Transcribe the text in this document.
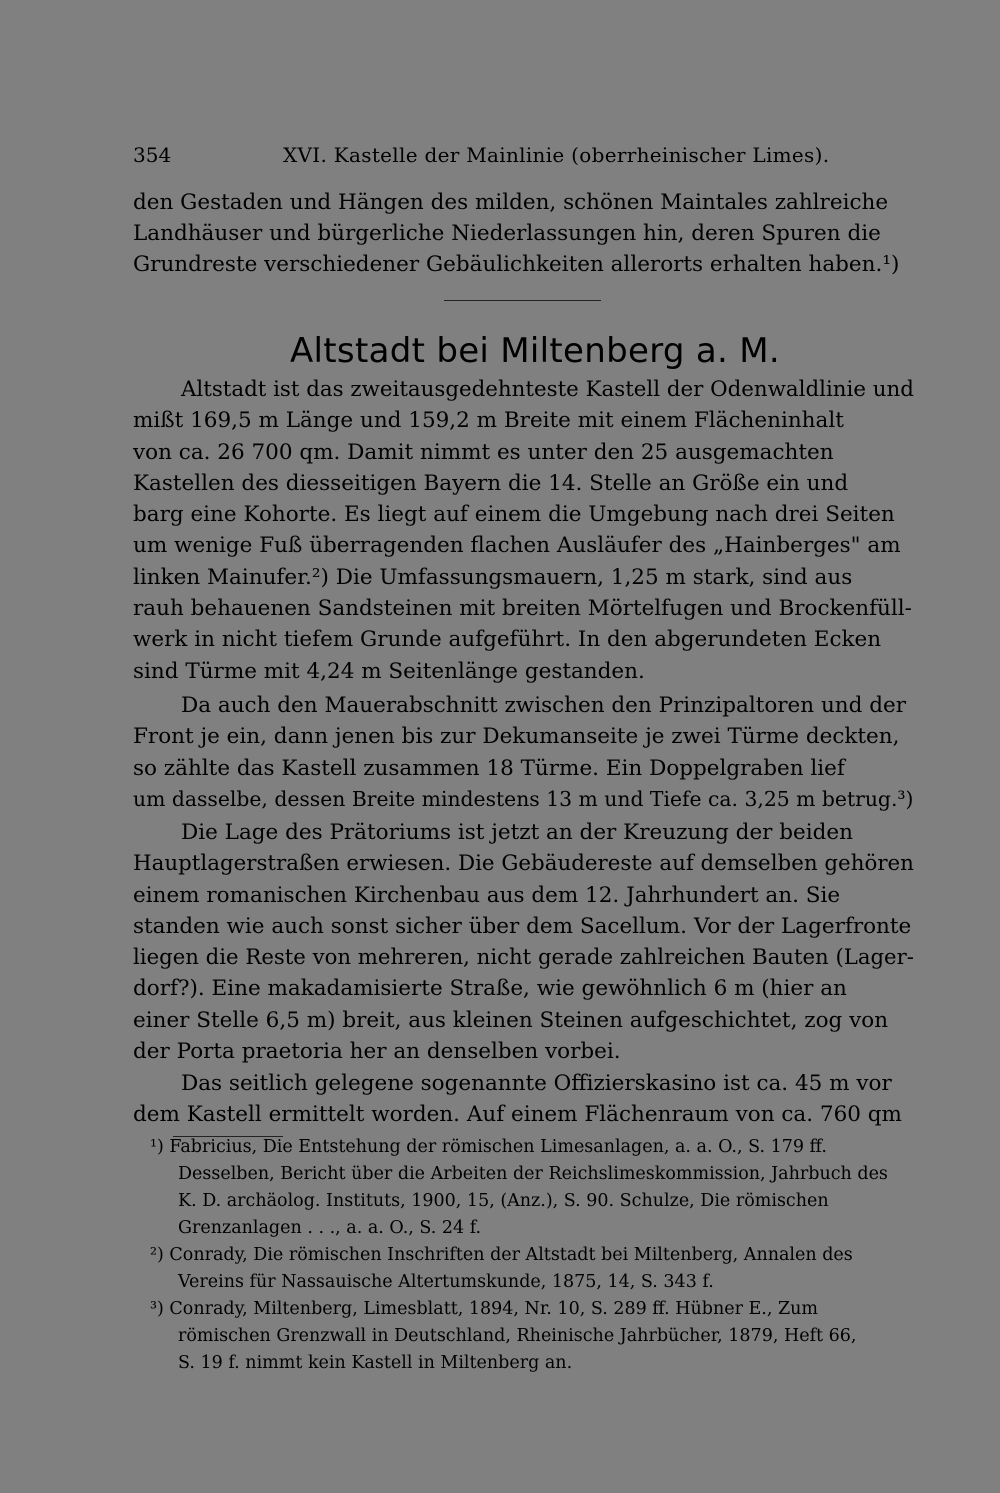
354	XVI. Kastelle der Mainlinie (oberrheinischer Limes).
den Gestaden und Hängen des milden, schönen Maintales zahlreiche
Landhäuser und bürgerliche Niederlassungen hin, deren Spuren die
Grundreste verschiedener Gebäulichkeiten allerorts erhalten haben.¹)
Altstadt bei Miltenberg a. M.
Altstadt ist das zweitausgedehnteste Kastell der Odenwaldlinie und
mißt 169,5 m Länge und 159,2 m Breite mit einem Flächeninhalt
von ca. 26 700 qm. Damit nimmt es unter den 25 ausgemachten
Kastellen des diesseitigen Bayern die 14. Stelle an Größe ein und
barg eine Kohorte. Es liegt auf einem die Umgebung nach drei Seiten
um wenige Fuß überragenden flachen Ausläufer des „Hainberges" am
linken Mainufer.²) Die Umfassungsmauern, 1,25 m stark, sind aus
rauh behauenen Sandsteinen mit breiten Mörtelfugen und Brockenfüll-
werk in nicht tiefem Grunde aufgeführt. In den abgerundeten Ecken
sind Türme mit 4,24 m Seitenlänge gestanden.
Da auch den Mauerabschnitt zwischen den Prinzipaltoren und der
Front je ein, dann jenen bis zur Dekumanseite je zwei Türme deckten,
so zählte das Kastell zusammen 18 Türme. Ein Doppelgraben lief
um dasselbe, dessen Breite mindestens 13 m und Tiefe ca. 3,25 m betrug.³)
Die Lage des Prätoriums ist jetzt an der Kreuzung der beiden
Hauptlagerstraßen erwiesen. Die Gebäudereste auf demselben gehören
einem romanischen Kirchenbau aus dem 12. Jahrhundert an. Sie
standen wie auch sonst sicher über dem Sacellum. Vor der Lagerfronte
liegen die Reste von mehreren, nicht gerade zahlreichen Bauten (Lager-
dorf?). Eine makadamisierte Straße, wie gewöhnlich 6 m (hier an
einer Stelle 6,5 m) breit, aus kleinen Steinen aufgeschichtet, zog von
der Porta praetoria her an denselben vorbei.
Das seitlich gelegene sogenannte Offizierskasino ist ca. 45 m vor
dem Kastell ermittelt worden. Auf einem Flächenraum von ca. 760 qm
¹) Fabricius, Die Entstehung der römischen Limesanlagen, a. a. O., S. 179 ff.
Desselben, Bericht über die Arbeiten der Reichslimeskommission, Jahrbuch des
K. D. archäolog. Instituts, 1900, 15, (Anz.), S. 90. Schulze, Die römischen
Grenzanlagen . . ., a. a. O., S. 24 f.
²) Conrady, Die römischen Inschriften der Altstadt bei Miltenberg, Annalen des
Vereins für Nassauische Altertumskunde, 1875, 14, S. 343 f.
³) Conrady, Miltenberg, Limesblatt, 1894, Nr. 10, S. 289 ff. Hübner E., Zum
römischen Grenzwall in Deutschland, Rheinische Jahrbücher, 1879, Heft 66,
S. 19 f. nimmt kein Kastell in Miltenberg an.
